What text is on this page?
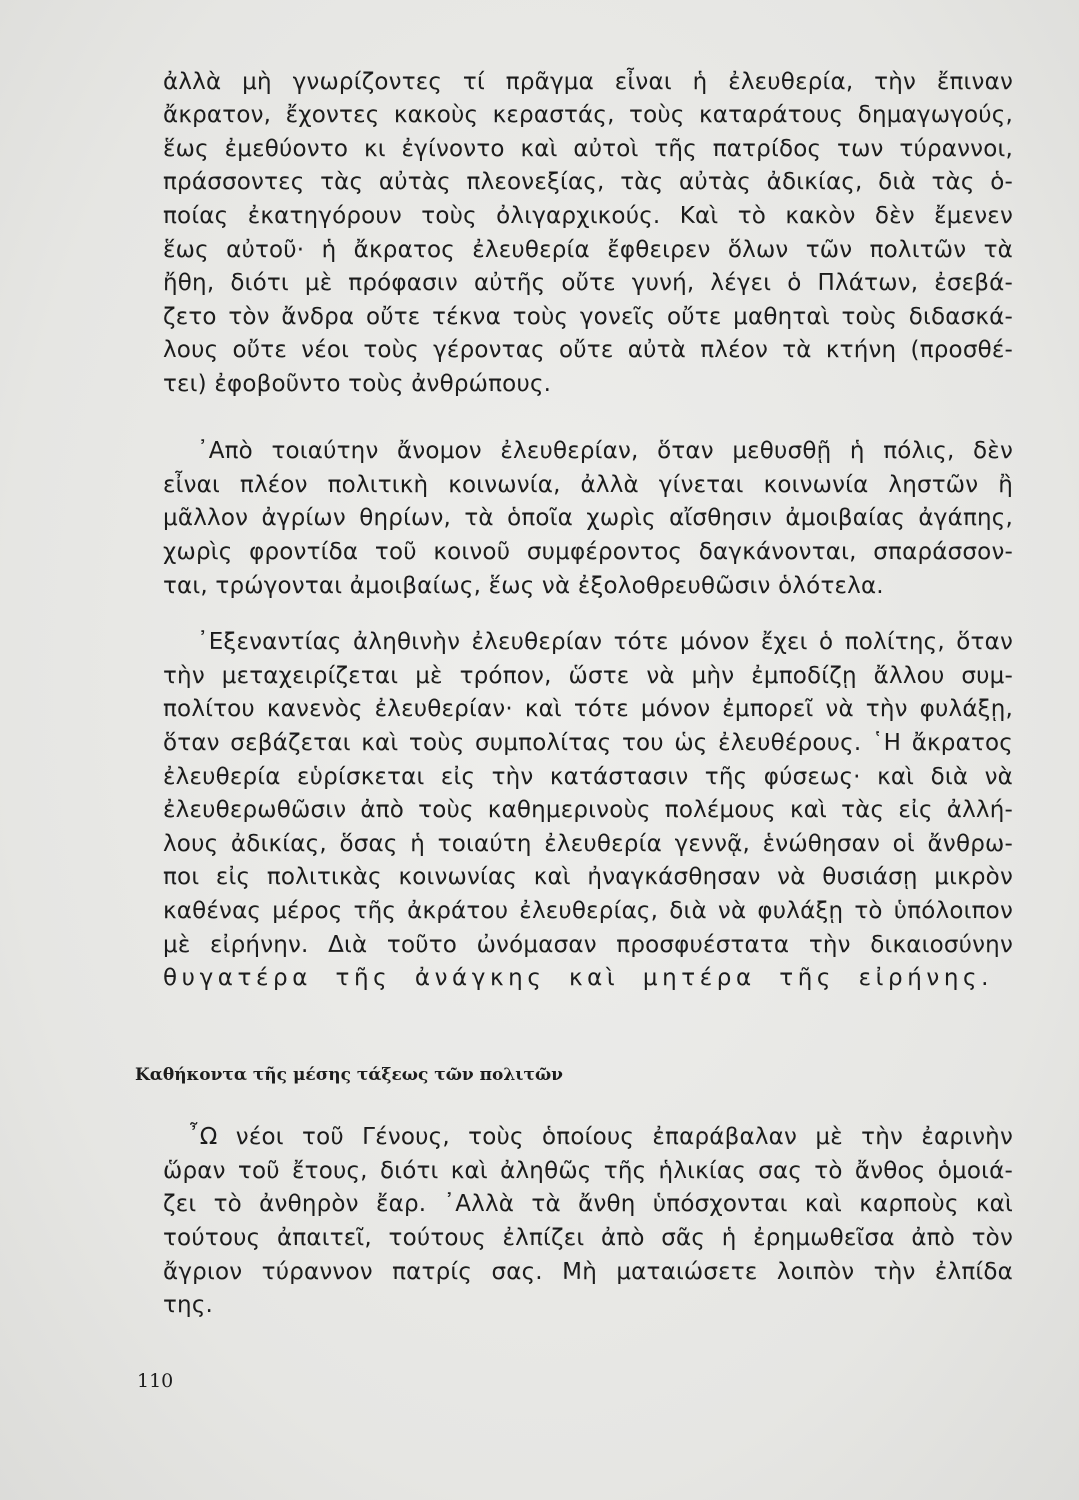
ἀλλὰ μὴ γνωρίζοντες τί πρᾶγμα εἶναι ἡ ἐλευθερία, τὴν ἔπιναν
ἄκρατον, ἔχοντες κακοὺς κεραστάς, τοὺς καταράτους δημαγωγούς,
ἕως ἐμεθύοντο κι ἐγίνοντο καὶ αὐτοὶ τῆς πατρίδος των τύραννοι,
πράσσοντες τὰς αὐτὰς πλεονεξίας, τὰς αὐτὰς ἀδικίας, διὰ τὰς ὁ-
ποίας ἐκατηγόρουν τοὺς ὀλιγαρχικούς. Καὶ τὸ κακὸν δὲν ἔμενεν
ἕως αὐτοῦ· ἡ ἄκρατος ἐλευθερία ἔφθειρεν ὅλων τῶν πολιτῶν τὰ
ἤθη, διότι μὲ πρόφασιν αὐτῆς οὔτε γυνή, λέγει ὁ Πλάτων, ἐσεβά-
ζετο τὸν ἄνδρα οὔτε τέκνα τοὺς γονεῖς οὔτε μαθηταὶ τοὺς διδασκά-
λους οὔτε νέοι τοὺς γέροντας οὔτε αὐτὰ πλέον τὰ κτήνη (προσθέ-
τει) ἐφοβοῦντο τοὺς ἀνθρώπους.
᾿Απὸ τοιαύτην ἄνομον ἐλευθερίαν, ὅταν μεθυσθῇ ἡ πόλις, δὲν
εἶναι πλέον πολιτικὴ κοινωνία, ἀλλὰ γίνεται κοινωνία ληστῶν ἢ
μᾶλλον ἀγρίων θηρίων, τὰ ὁποῖα χωρὶς αἴσθησιν ἀμοιβαίας ἀγάπης,
χωρὶς φροντίδα τοῦ κοινοῦ συμφέροντος δαγκάνονται, σπαράσσον-
ται, τρώγονται ἀμοιβαίως, ἕως νὰ ἐξολοθρευθῶσιν ὁλότελα.
᾿Εξεναντίας ἀληθινὴν ἐλευθερίαν τότε μόνον ἔχει ὁ πολίτης, ὅταν
τὴν μεταχειρίζεται μὲ τρόπον, ὥστε νὰ μὴν ἐμποδίζῃ ἄλλου συμ-
πολίτου κανενὸς ἐλευθερίαν· καὶ τότε μόνον ἐμπορεῖ νὰ τὴν φυλάξῃ,
ὅταν σεβάζεται καὶ τοὺς συμπολίτας του ὡς ἐλευθέρους. ῾Η ἄκρατος
ἐλευθερία εὑρίσκεται εἰς τὴν κατάστασιν τῆς φύσεως· καὶ διὰ νὰ
ἐλευθερωθῶσιν ἀπὸ τοὺς καθημερινοὺς πολέμους καὶ τὰς εἰς ἀλλή-
λους ἀδικίας, ὅσας ἡ τοιαύτη ἐλευθερία γεννᾷ, ἑνώθησαν οἱ ἄνθρω-
ποι εἰς πολιτικὰς κοινωνίας καὶ ἠναγκάσθησαν νὰ θυσιάσῃ μικρὸν
καθένας μέρος τῆς ἀκράτου ἐλευθερίας, διὰ νὰ φυλάξῃ τὸ ὑπόλοιπον
μὲ εἰρήνην. Διὰ τοῦτο ὠνόμασαν προσφυέστατα τὴν δικαιοσύνην
θυγατέρα τῆς ἀνάγκης καὶ μητέρα τῆς εἰρήνης.
Καθήκοντα τῆς μέσης τάξεως τῶν πολιτῶν
῏Ω νέοι τοῦ Γένους, τοὺς ὁποίους ἐπαράβαλαν μὲ τὴν ἐαρινὴν
ὥραν τοῦ ἔτους, διότι καὶ ἀληθῶς τῆς ἡλικίας σας τὸ ἄνθος ὁμοιά-
ζει τὸ ἀνθηρὸν ἔαρ. ᾿Αλλὰ τὰ ἄνθη ὑπόσχονται καὶ καρποὺς καὶ
τούτους ἀπαιτεῖ, τούτους ἐλπίζει ἀπὸ σᾶς ἡ ἐρημωθεῖσα ἀπὸ τὸν
ἄγριον τύραννον πατρίς σας. Μὴ ματαιώσετε λοιπὸν τὴν ἐλπίδα
της.
110
